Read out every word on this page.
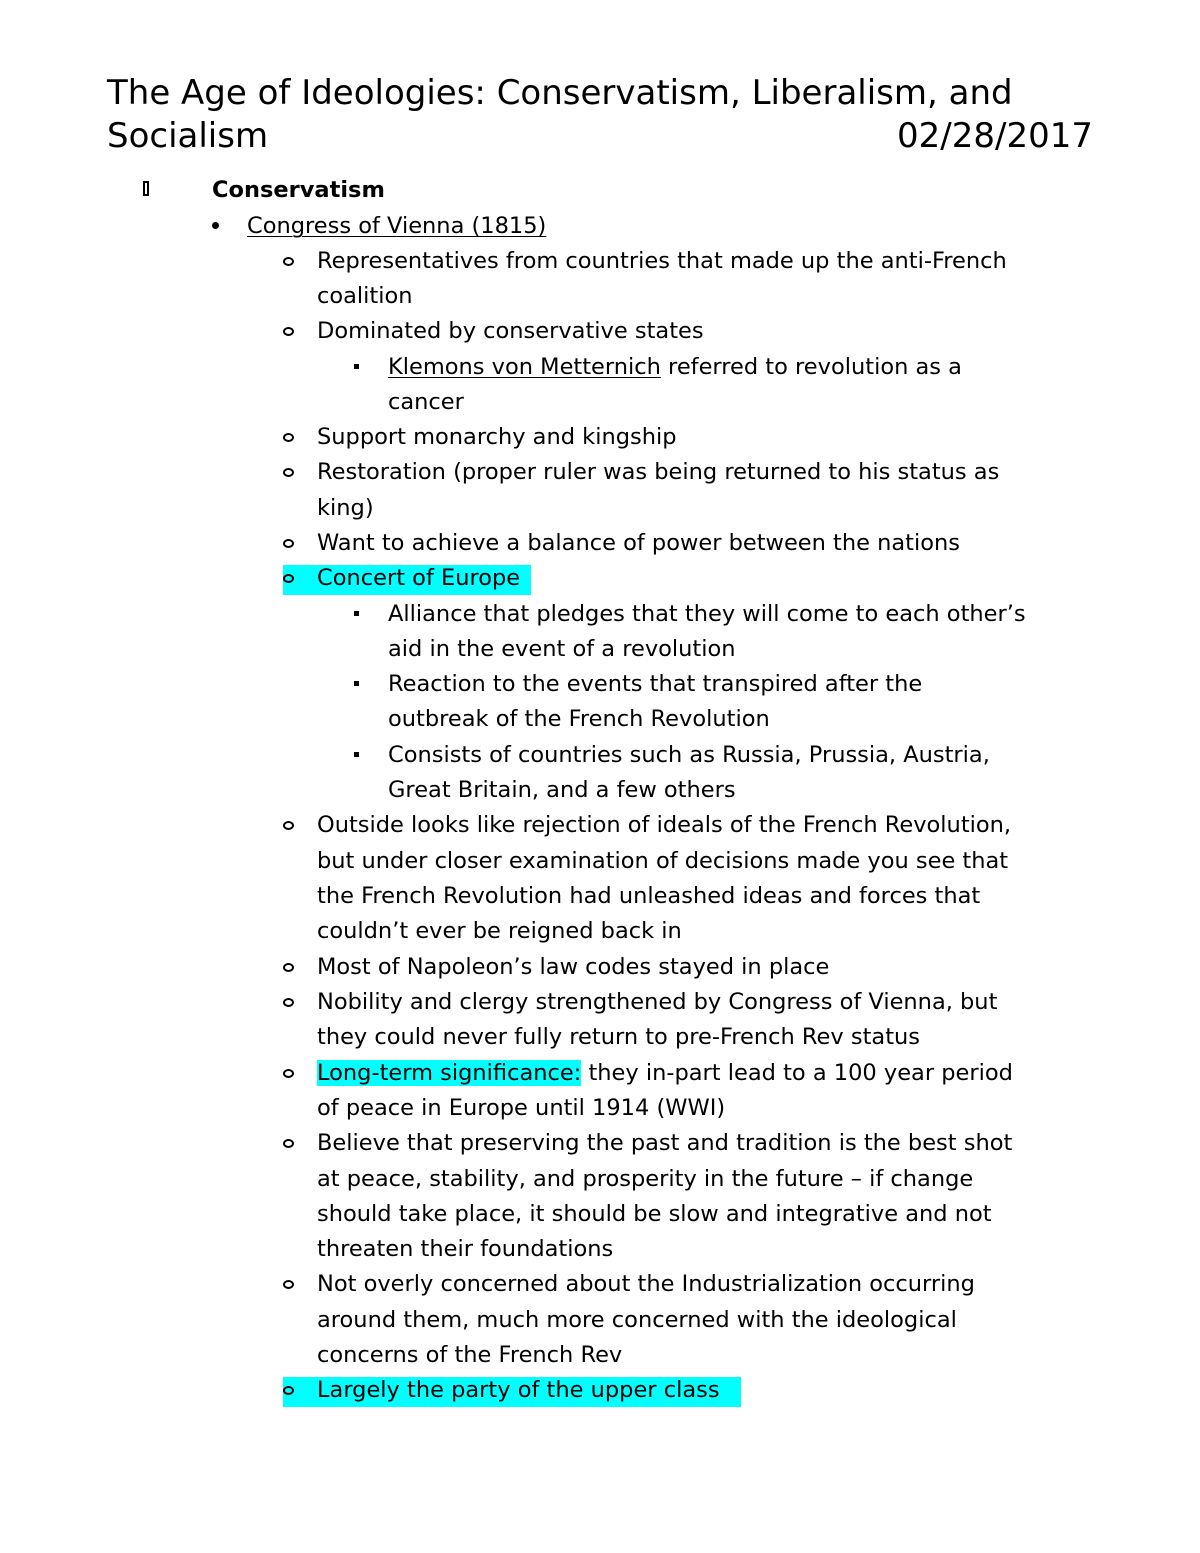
The Age of Ideologies: Conservatism, Liberalism, and
Socialism	02/28/2017
Conservatism
Congress of Vienna (1815)
Representatives from countries that made up the anti-French
coalition
Dominated by conservative states
Klemons von Metternich referred to revolution as a
cancer
Support monarchy and kingship
Restoration (proper ruler was being returned to his status as
king)
Want to achieve a balance of power between the nations
Concert of Europe
Alliance that pledges that they will come to each other’s
aid in the event of a revolution
Reaction to the events that transpired after the
outbreak of the French Revolution
Consists of countries such as Russia, Prussia, Austria,
Great Britain, and a few others
Outside looks like rejection of ideals of the French Revolution,
but under closer examination of decisions made you see that
the French Revolution had unleashed ideas and forces that
couldn’t ever be reigned back in
Most of Napoleon’s law codes stayed in place
Nobility and clergy strengthened by Congress of Vienna, but
they could never fully return to pre-French Rev status
Long-term significance: they in-part lead to a 100 year period
of peace in Europe until 1914 (WWI)
Believe that preserving the past and tradition is the best shot
at peace, stability, and prosperity in the future – if change
should take place, it should be slow and integrative and not
threaten their foundations
Not overly concerned about the Industrialization occurring
around them, much more concerned with the ideological
concerns of the French Rev
Largely the party of the upper class
